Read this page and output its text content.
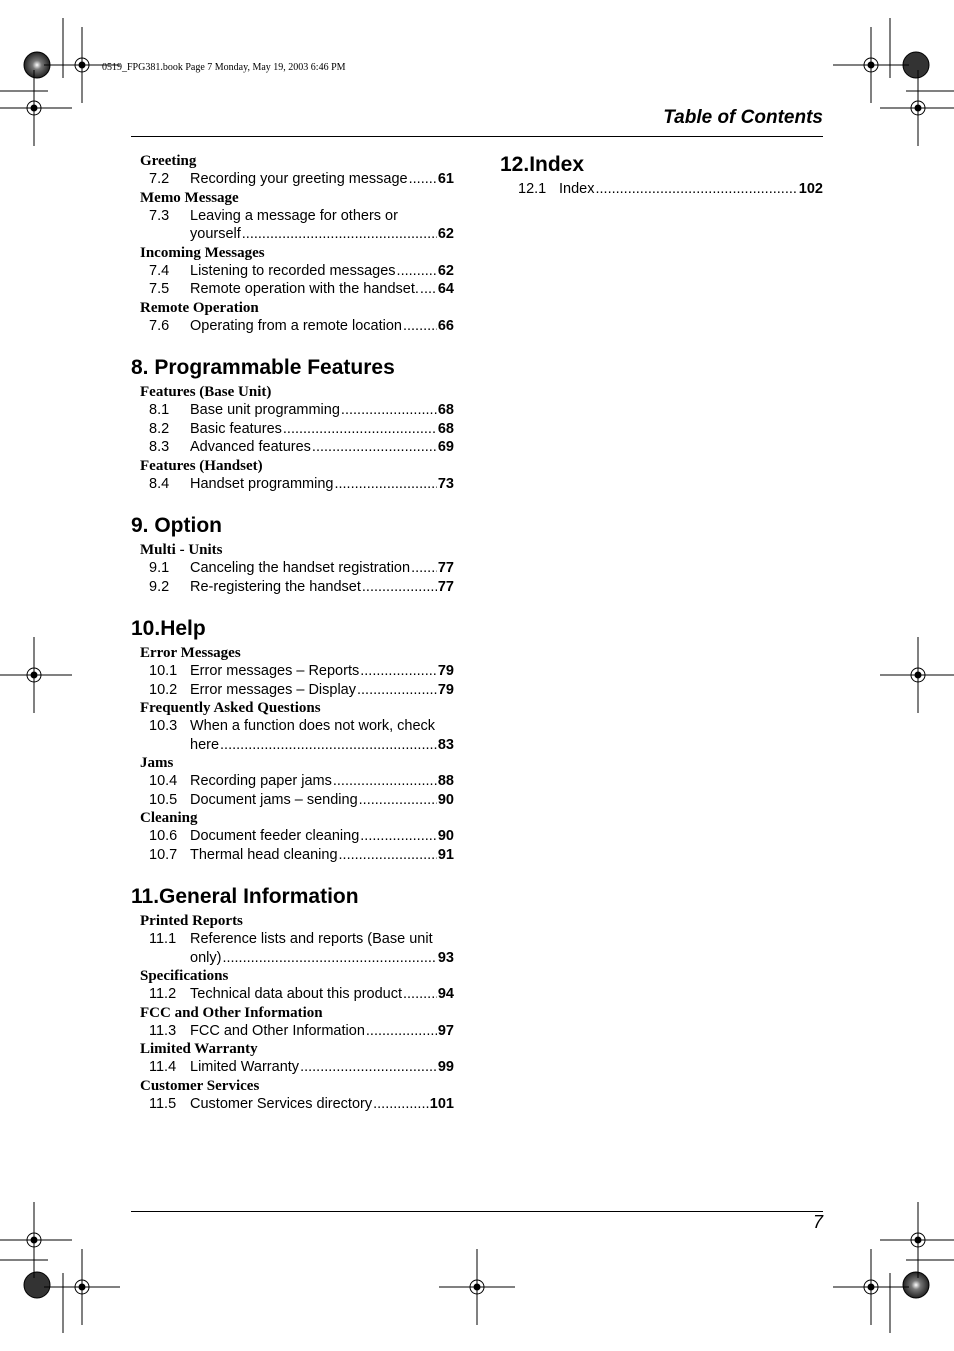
0519_FPG381.book Page 7 Monday, May 19, 2003 6:46 PM
Table of Contents
Greeting
7.2 Recording your greeting message ..... 61
Memo Message
7.3 Leaving a message for others or
yourself .....	62
Incoming Messages
7.4 Listening to recorded messages .....	62
7.5 Remote operation with the handset. ..... 64
Remote Operation
7.6 Operating from a remote location ..... 66
8. Programmable Features
Features (Base Unit)
8.1 Base unit programming .....	68
8.2 Basic features .....	68
8.3 Advanced features .....	69
Features (Handset)
8.4 Handset programming .....	73
9. Option
Multi - Units
9.1 Canceling the handset registration ..... 77
9.2 Re-registering the handset .....	77
10.Help
Error Messages
10.1 Error messages – Reports .....	79
10.2 Error messages – Display .....	79
Frequently Asked Questions
10.3 When a function does not work, check
here .....	83
Jams
10.4 Recording paper jams .....	88
10.5 Document jams – sending .....	90
Cleaning
10.6 Document feeder cleaning .....	90
10.7 Thermal head cleaning .....	91
11.General Information
Printed Reports
11.1 Reference lists and reports (Base unit
only) .....	93
Specifications
11.2 Technical data about this product ..... 94
FCC and Other Information
11.3 FCC and Other Information .....	97
Limited Warranty
11.4 Limited Warranty .....	99
Customer Services
11.5 Customer Services directory .....	101
12.Index
12.1 Index .....	102
7
